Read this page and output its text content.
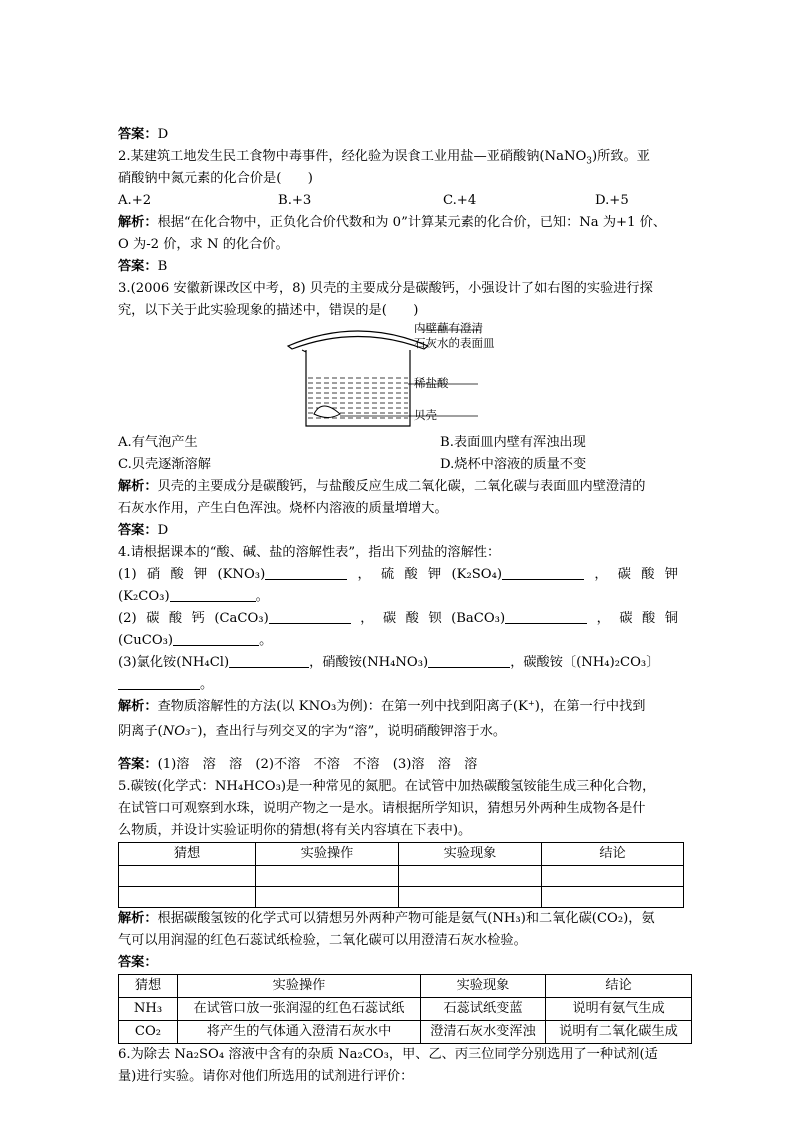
答案：D
2.某建筑工地发生民工食物中毒事件，经化验为误食工业用盐—亚硝酸钠(NaNO$_3$)所致。亚
硝酸钠中氮元素的化合价是(　　)
A.+2	B.+3	C.+4	D.+5
解析：根据“在化合物中，正负化合价代数和为 0”计算某元素的化合价，已知：Na 为+1 价、
O 为-2 价，求 N 的化合价。
答案：B
3.(2006 安徽新课改区中考，8) 贝壳的主要成分是碳酸钙，小强设计了如右图的实验进行探
究，以下关于此实验现象的描述中，错误的是(　　)
内壁蘸有澄清
石灰水的表面皿
稀盐酸
贝壳
A.有气泡产生	B.表面皿内壁有浑浊出现
C.贝壳逐渐溶解	D.烧杯中溶液的质量不变
解析：贝壳的主要成分是碳酸钙，与盐酸反应生成二氧化碳，二氧化碳与表面皿内壁澄清的
石灰水作用，产生白色浑浊。烧杯内溶液的质量増增大。
答案：D
4.请根据课本的“酸、碱、盐的溶解性表”，指出下列盐的溶解性：
(1) 硝 酸 钾 (KNO₃)	， 硫 酸 钾 (K₂SO₄)	， 碳 酸 钾
(K₂CO₃)	。
(2) 碳 酸 钙 (CaCO₃)	， 碳 酸 钡 (BaCO₃)	， 碳 酸 铜
(CuCO₃)	。
(3)氯化铵(NH₄Cl)	，硝酸铵(NH₄NO₃)	，碳酸铵〔(NH₄)₂CO₃〕
。
解析：查物质溶解性的方法(以 KNO₃为例)：在第一列中找到阳离子(K⁺)，在第一行中找到
阴离子(NO₃⁻)，查出行与列交叉的字为“溶”，说明硝酸钾溶于水。
答案：(1)溶　溶　溶　(2)不溶　不溶　不溶　(3)溶　溶　溶
5.碳铵(化学式：NH₄HCO₃)是一种常见的氮肥。在试管中加热碳酸氢铵能生成三种化合物，
在试管口可观察到水珠，说明产物之一是水。请根据所学知识，猜想另外两种生成物各是什
么物质，并设计实验证明你的猜想(将有关内容填在下表中)。
猜想	实验操作	实验现象	结论

解析：根据碳酸氢铵的化学式可以猜想另外两种产物可能是氨气(NH₃)和二氧化碳(CO₂)，氨
气可以用润湿的红色石蕊试纸检验，二氧化碳可以用澄清石灰水检验。
答案：
猜想	实验操作	实验现象	结论
NH₃	在试管口放一张润湿的红色石蕊试纸	石蕊试纸变蓝	说明有氨气生成
CO₂	将产生的气体通入澄清石灰水中	澄清石灰水变浑浊	说明有二氧化碳生成
6.为除去 Na₂SO₄ 溶液中含有的杂质 Na₂CO₃，甲、乙、丙三位同学分别选用了一种试剂(适
量)进行实验。请你对他们所选用的试剂进行评价：
